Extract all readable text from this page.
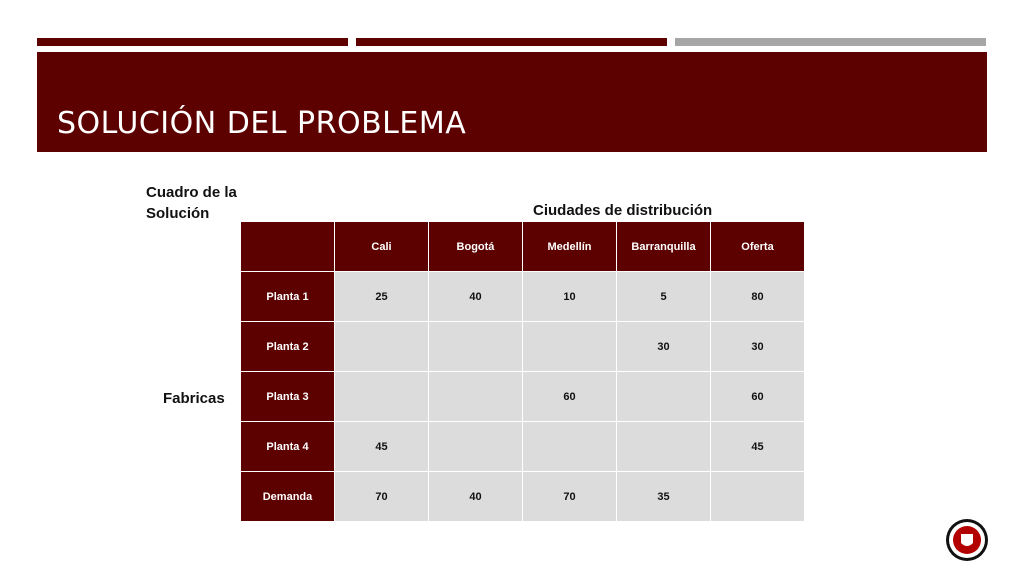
SOLUCIÓN DEL PROBLEMA
Cuadro de la
Solución	Ciudades de distribución
Fabricas
	Cali	Bogotá	Medellín	Barranquilla	Oferta
Planta 1	25	40	10	5	80
Planta 2				30	30
Planta 3			60		60
Planta 4	45				45
Demanda	70	40	70	35	
